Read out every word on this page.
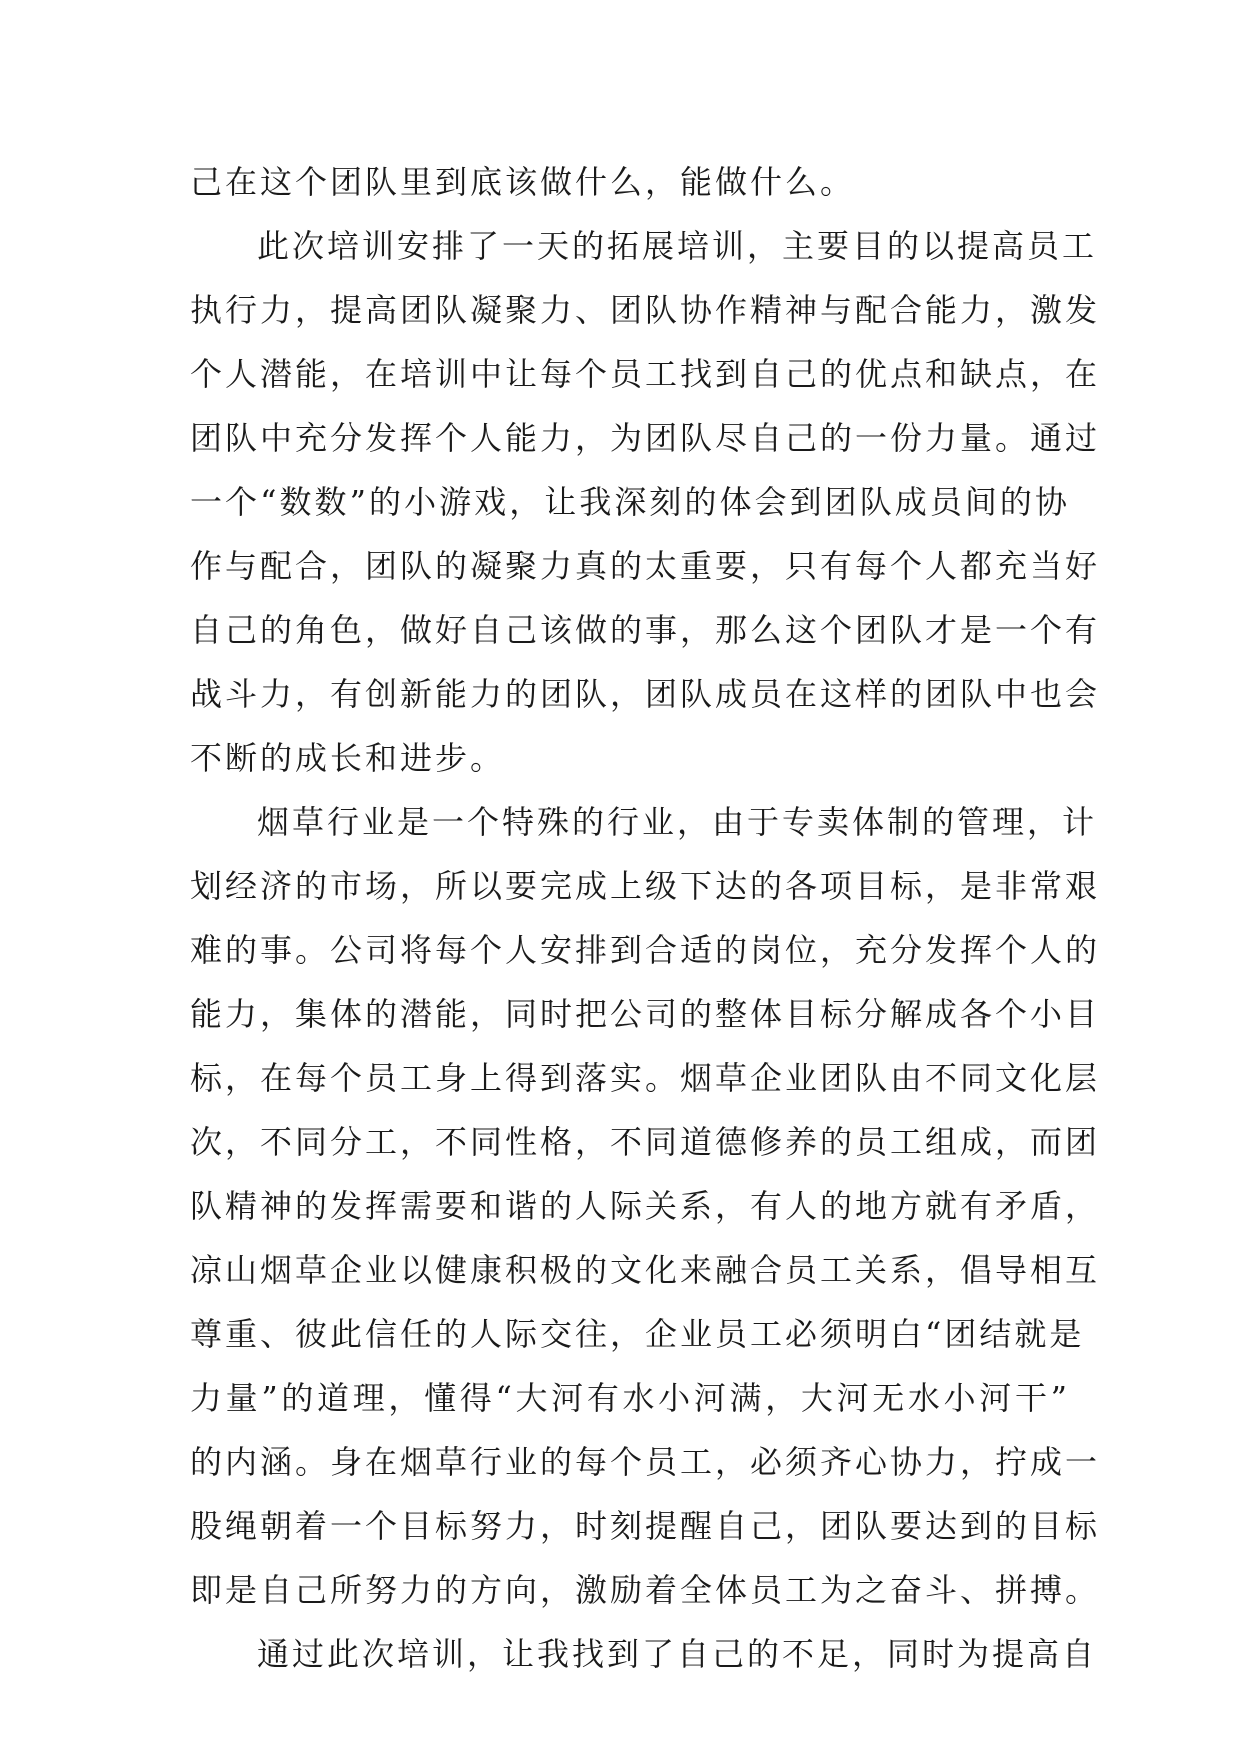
己在这个团队里到底该做什么，能做什么。
此次培训安排了一天的拓展培训，主要目的以提高员工
执行力，提高团队凝聚力、团队协作精神与配合能力，激发
个人潜能，在培训中让每个员工找到自己的优点和缺点，在
团队中充分发挥个人能力，为团队尽自己的一份力量。通过
一个“数数”的小游戏，让我深刻的体会到团队成员间的协
作与配合，团队的凝聚力真的太重要，只有每个人都充当好
自己的角色，做好自己该做的事，那么这个团队才是一个有
战斗力，有创新能力的团队，团队成员在这样的团队中也会
不断的成长和进步。
烟草行业是一个特殊的行业，由于专卖体制的管理，计
划经济的市场，所以要完成上级下达的各项目标，是非常艰
难的事。公司将每个人安排到合适的岗位，充分发挥个人的
能力，集体的潜能，同时把公司的整体目标分解成各个小目
标，在每个员工身上得到落实。烟草企业团队由不同文化层
次，不同分工，不同性格，不同道德修养的员工组成，而团
队精神的发挥需要和谐的人际关系，有人的地方就有矛盾，
凉山烟草企业以健康积极的文化来融合员工关系，倡导相互
尊重、彼此信任的人际交往，企业员工必须明白“团结就是
力量”的道理，懂得“大河有水小河满，大河无水小河干”
的内涵。身在烟草行业的每个员工，必须齐心协力，拧成一
股绳朝着一个目标努力，时刻提醒自己，团队要达到的目标
即是自己所努力的方向，激励着全体员工为之奋斗、拼搏。
通过此次培训，让我找到了自己的不足，同时为提高自
